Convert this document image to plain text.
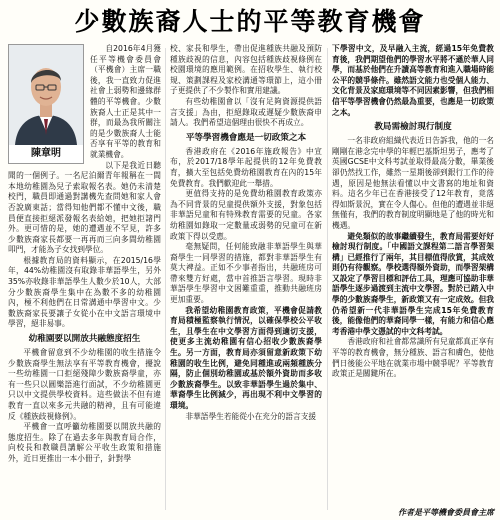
少數族裔人士的平等教育機會
陳章明

自2016年4月獲任平等機會委員會（平機會）主席一職後，我一直致力促進社會上弱勢和邊緣群體的平等機會。少數族裔人士正是其中一群，而最為我所關注的是少數族裔人士能否享有平等的教育和就業機會。

以下是我近日聽聞的一個例子。一名尼泊爾青年報稱在一間本地幼稚園為兒子索取報名表。她仍未清楚校門，職員即通過對講機先查問她和家人會否說廣東話；當得知他們都不懂中文後，職員便直接拒絕派發報名表給她，把她拒諸門外。更可惜的是，她的遭遇並不罕見，許多少數族裔家長都要一再再而三向多間幼稚園叩門，才能為子女找到學位。

根據教育局的資料顯示，在2015/16學年，44%幼稚園沒有取錄非華語學生，另外35%亦收錄非華語學生人數少於10人，大部分少數族裔學生集中在為數不多的幼稚園內，極不利他們在日常溝通中學習中文。少數族裔家長要讓子女從小在中文語言環境中學習，絕非易事。

幼稚園要以開放共融態度招生

平機會留意到不少幼稚園的收生措施令少數族裔學生無法享有平等教育機會，擾說一些幼稚園一口拒絕殘障少數族裔學童，亦有一些只以圓樂語進行面試，不少幼稚園更只以中文提供學校資料。這些做法不但有違教育一直以來多元共融的精神，且有可能違反《種族歧視條例》。

平機會一直呼籲幼稚園要以開放共融的態度招生。除了在過去多年與教育局合作，向校長和教職員講解公平收生政策和措施外，近日更推出一本小冊子，針對學

校、家長和學生，帶出促進種族共融及預防種族歧視的信息，內容包括種族歧視條例在校園環境的應用範例。在招收學生、執行校規、策劃課程及家校溝通等環節上，這小冊子更提供了不少製作和實用建議。

有些幼稚園會以「沒有足夠資源提供語言支援」為由，拒絕錄取或遲疑少數族裔申請人。我們希望這個理由很快不再成立。

平等學習機會應是一切政策之本

香港政府在《2016年施政報告》中宣布，於2017/18學年起提供的12年免費教育，擴大至包括免費幼稚園教育在內的15年免費教育。我們歡迎此一舉措。

更值得支持的是免費幼稚園教育政策亦為不同背景的兒童提供額外支援，對象包括非華語兒童和有特殊教育需要的兒童。各家幼稚園如錄取一定數量或弱勢的兒童可在新政策下得以受惠。

毫無疑問，任何能致融非華語學生與華裔學生一同學習的措施，都對非華語學生有莫大裨益。正如不少事者指出，共融班房可帶來雙方好處，當中首推語言學習。現時非華語學生學習中文困難重重，推動共融班房更加重要。

我希望幼稚園教育政策，平機會促請教育局積極監察執行情況，以確保學校公平收生，且學生在中文學習方面得到適切支援，使更多主流幼稚園有信心招收少數族裔學生。另一方面，教育局亦須留意新政策下幼稚園的收生比例，避免同種進或兩頻種族分隔，防止個別幼稚園或基於額外資助而多收少數族裔學生。以致非華語學生過於集中、華裔學生比例減少，再出現不利中文學習的環境。

非華語學生若能從小在充分的語言支援

下學習中文，及早融入主流，經過15年免費教育後，我們期望他們的學習水平將不遜於華人同學，而基於他們在升讀高等教育和進入職場時能公平的競爭條件。雖然語文能力也受個人能力、文化背景及家庭環境等不同因素影響，但我們相信平等學習機會仍然最為重要，也應是一切政策之本。

教局需檢討現行制度

一名非政府組織代表近日告訴我，他的一名剛剛在港念完中學的年輕巴基斯坦男子，應考了英國GCSE中文科考試並取得最高分數，畢業後卻仍然找工作，雖然一星期後卻到銀行工作的待遇，原因是他無法看懂以中文書寫的地址和資料。這名少年已在香港接受了12年教育，竟落得如斯景況，實在令人傷心。但他的遭遇並非絕無僅有，我們的教育制度明顯地是了他的時光和機遇。

避免類似的故事繼續發生，教育局需要好好檢討現行制度。「中國語文課程第二語言學習架構」已經推行了兩年，其目標值得欣賞，其成效則仍有待觀察。學校選得額外資助，而學習架構又設定了學習目標和評估工具，理應可協助非華語學生逐步過渡到主流中文學習。對於已踏入中學的少數族裔學生，新政策又有一定成效。但我仍希望新一代非華語學生完成15年免費教育後，能像他們的華裔同學一樣，有能力和信心應考香港中學文憑試的中文科考試。

香港政府和社會都常識所有兒童都真正享有平等的教育機會，無分種族、語言和膚色，使他們日後能公平地在就業市場中競爭呢？平等教育政策正是關鍵所在。

作者是平等機會委員會主席
